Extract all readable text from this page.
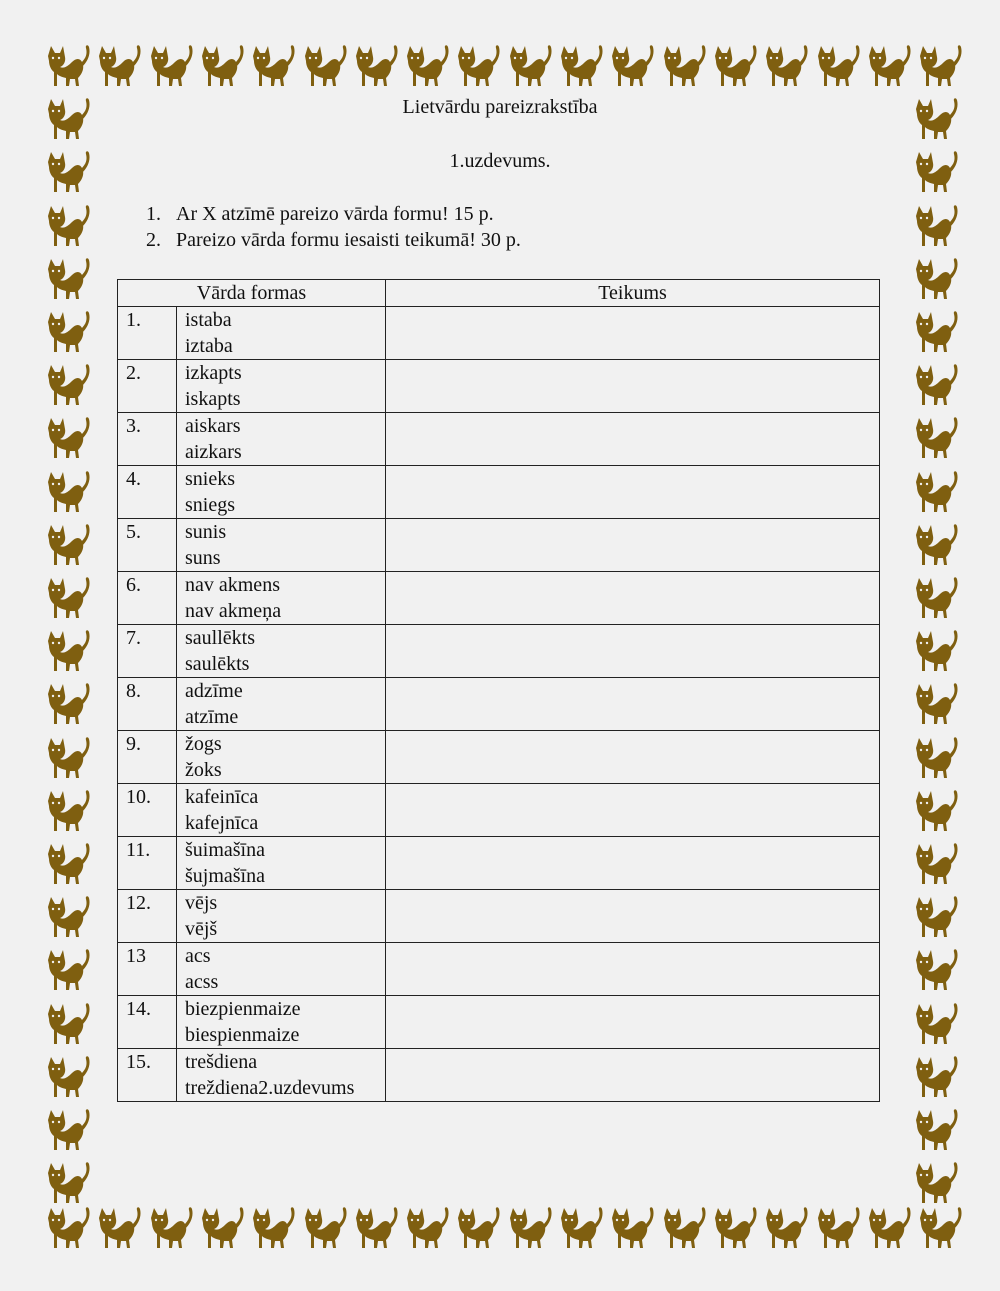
Lietvārdu pareizrakstība
1.uzdevums.
1. Ar X atzīmē pareizo vārda formu! 15 p.
2. Pareizo vārda formu iesaisti teikumā! 30 p.
Vārda formas		Teikums
1.	istaba
iztaba	

2.	izkapts
iskapts	

3.	aiskars
aizkars	

4.	snieks
sniegs	

5.	sunis
suns	

6.	nav akmens
nav akmeņa	

7.	saullēkts
saulēkts	

8.	adzīme
atzīme	

9.	žogs
žoks	

10.	kafeinīca
kafejnīca	

11.	šuimašīna
šujmašīna	

12.	vējs
vējš	

13	acs
acss	

14.	biezpienmaize
biespienmaize	

15.	trešdiena
treždiena2.uzdevums	
